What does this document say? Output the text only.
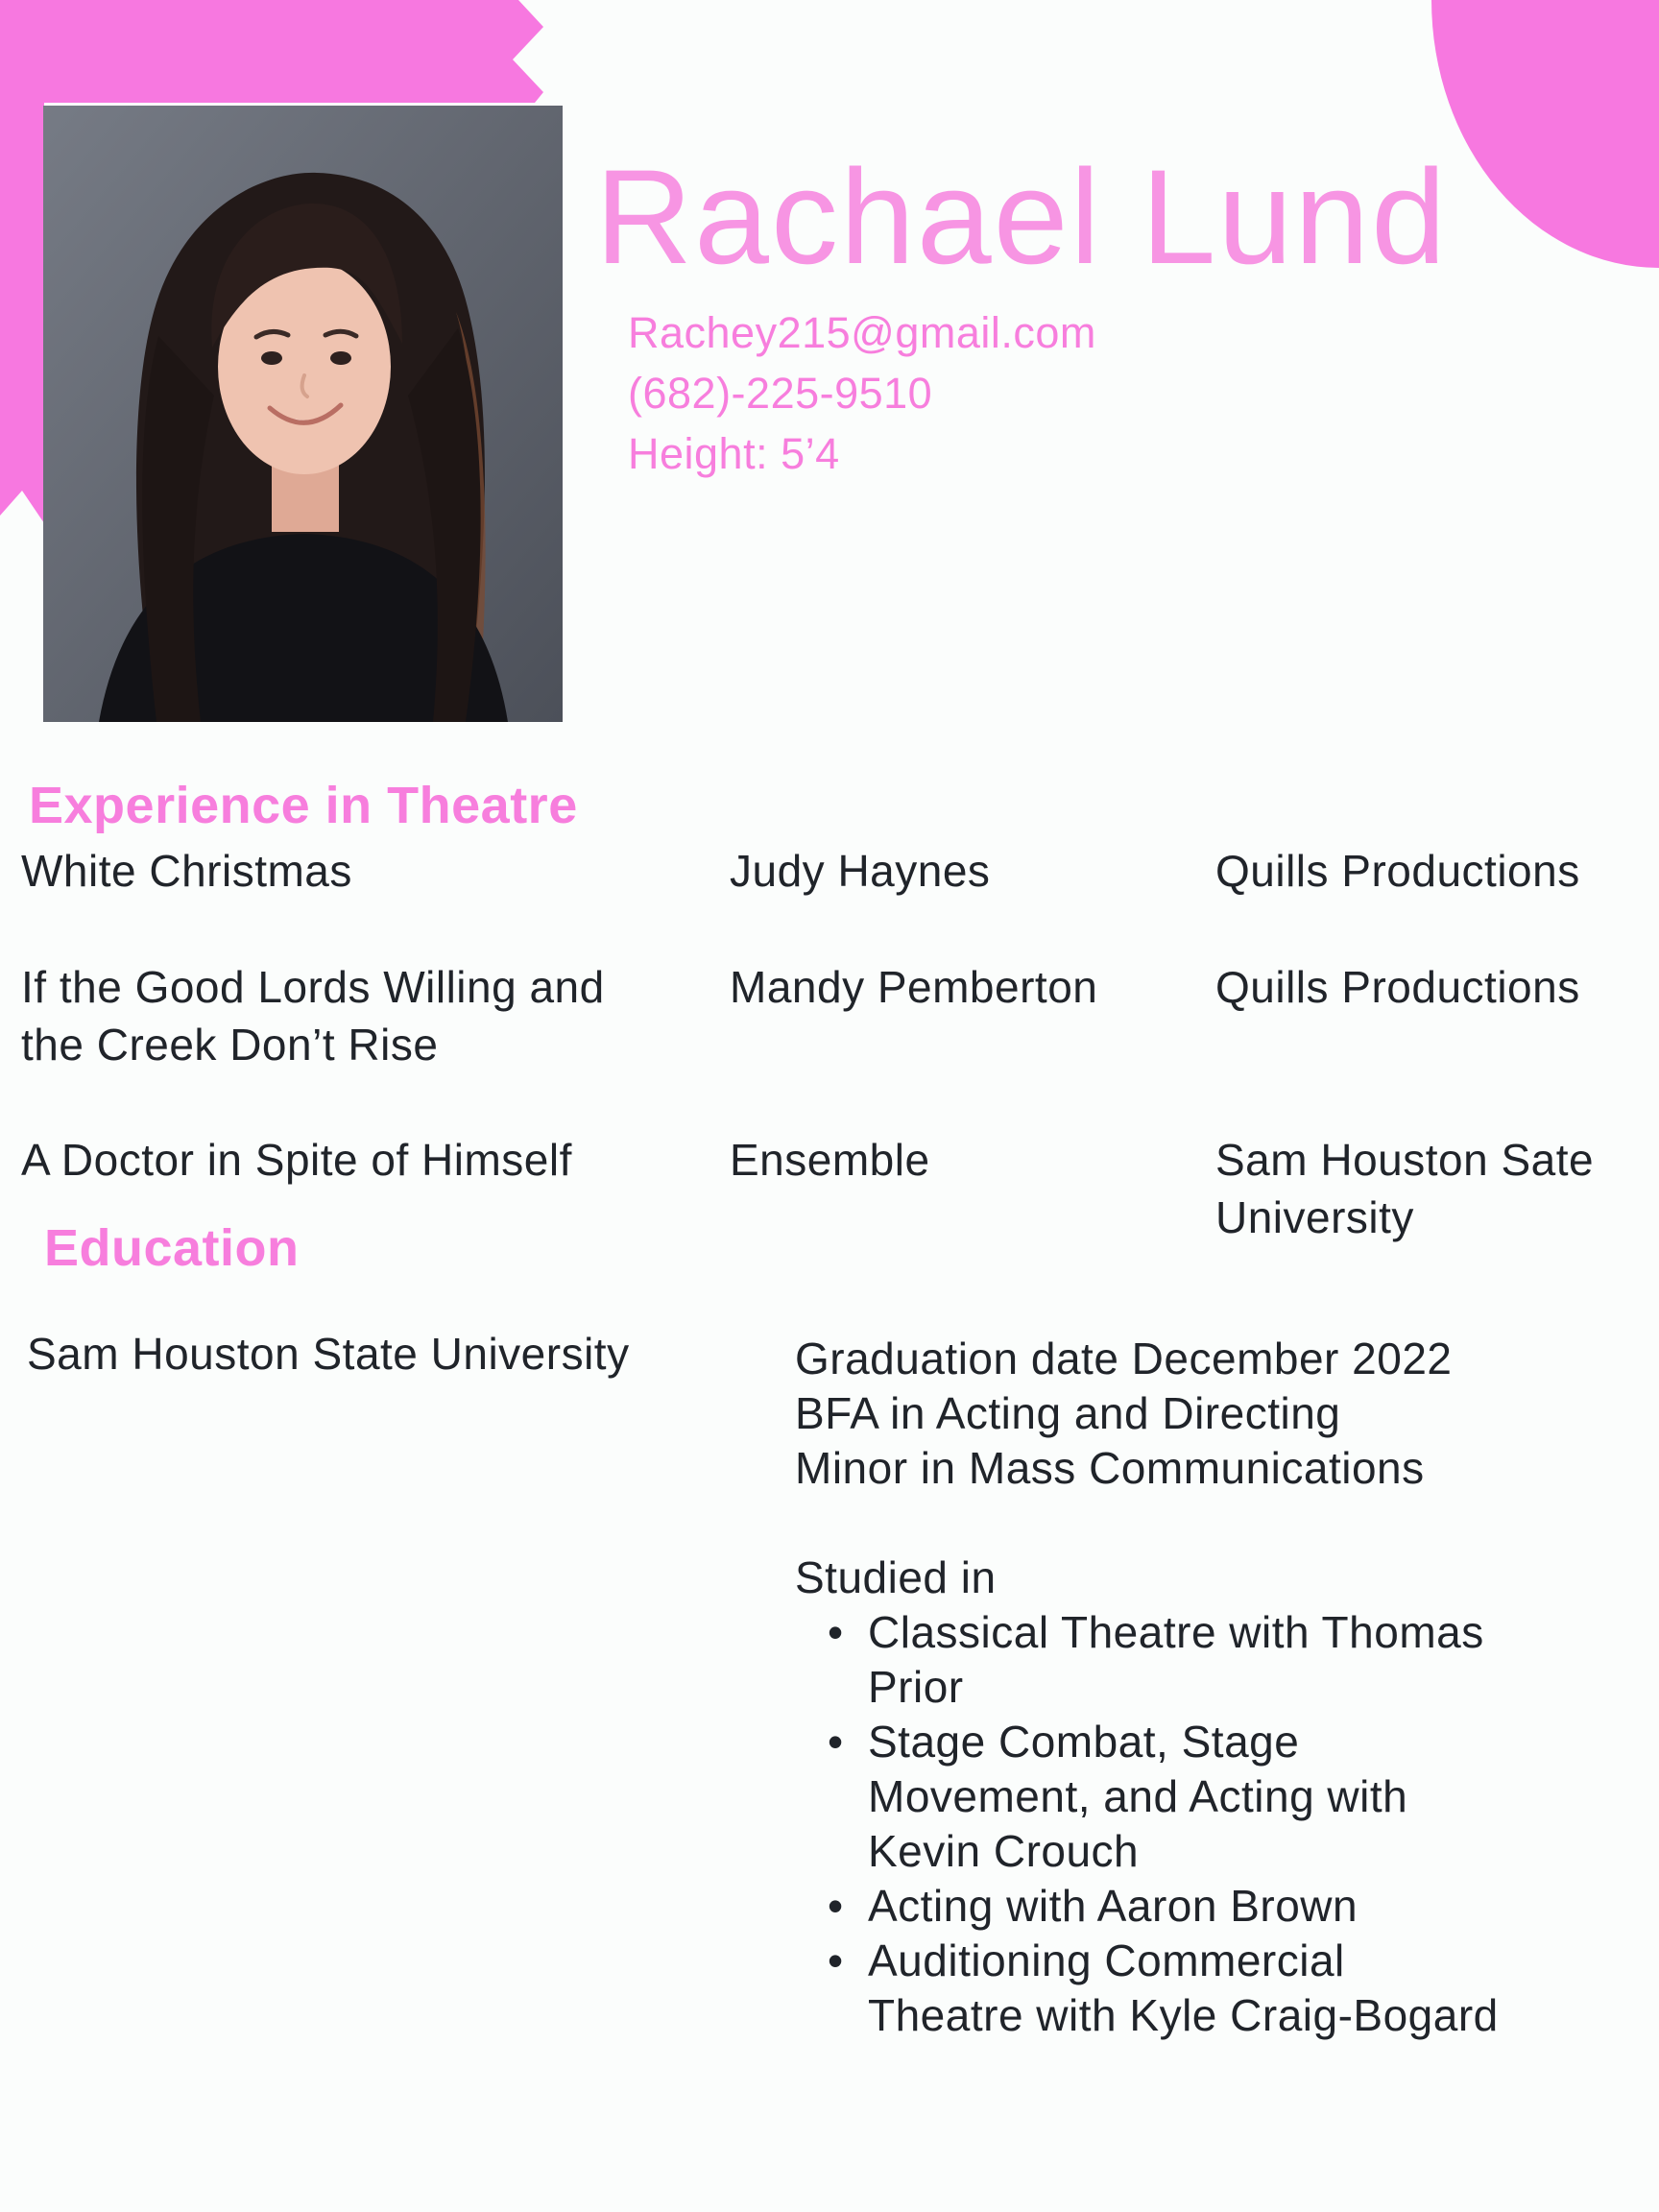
Rachael Lund
Rachey215@gmail.com
(682)-225-9510
Height: 5’4
Experience in Theatre
White Christmas	Judy Haynes	Quills Productions
If the Good Lords Willing and
the Creek Don’t Rise
Mandy Pemberton	Quills Productions
A Doctor in Spite of Himself	Ensemble	Sam Houston Sate
University
Education
Sam Houston State University	Graduation date December 2022
BFA in Acting and Directing
Minor in Mass Communications
Studied in
• Classical Theatre with Thomas
Prior
• Stage Combat, Stage
Movement, and Acting with
Kevin Crouch
• Acting with Aaron Brown
• Auditioning Commercial
Theatre with Kyle Craig-Bogard
